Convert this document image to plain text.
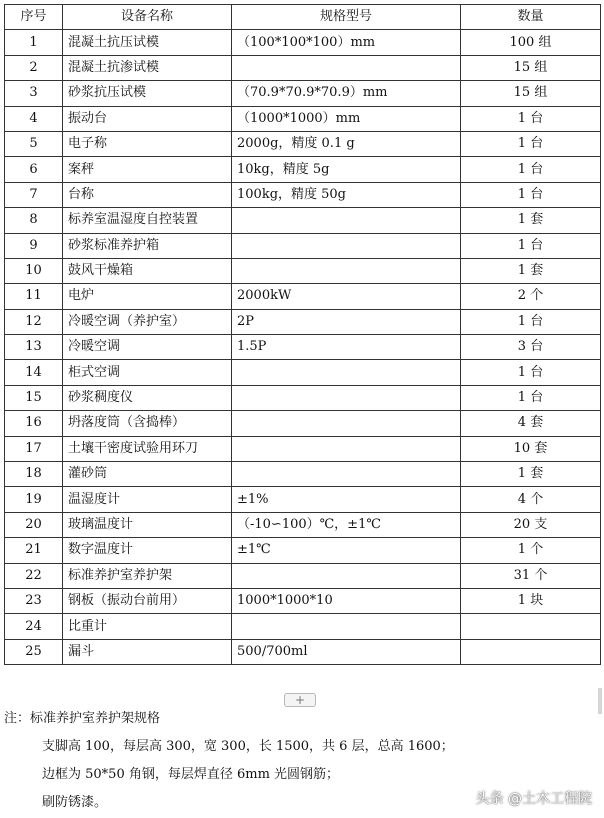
序号	设备名称	规格型号	数量
1	混凝土抗压试模	（100*100*100）mm	100 组
2	混凝土抗渗试模		15 组
3	砂浆抗压试模	（70.9*70.9*70.9）mm	15 组
4	振动台	（1000*1000）mm	1 台
5	电子称	2000g，精度 0.1 g	1 台
6	案秤	10kg，精度 5g	1 台
7	台称	100kg，精度 50g	1 台
8	标养室温湿度自控装置		1 套
9	砂浆标准养护箱		1 台
10	鼓风干燥箱		1 套
11	电炉	2000kW	2 个
12	冷暖空调（养护室）	2P	1 台
13	冷暖空调	1.5P	3 台
14	柜式空调		1 台
15	砂浆稠度仪		1 台
16	坍落度筒（含捣棒）		4 套
17	土壤干密度试验用环刀		10 套
18	灌砂筒		1 套
19	温湿度计	±1%	4 个
20	玻璃温度计	（-10∽100）℃，±1℃	20 支
21	数字温度计	±1℃	1 个
22	标准养护室养护架		31 个
23	钢板（振动台前用）	1000*1000*10	1 块
24	比重计		
25	漏斗	500/700ml	
+
注：标准养护室养护架规格
支脚高 100，每层高 300，宽 300，长 1500，共 6 层，总高 1600；
边框为 50*50 角钢，每层焊直径 6mm 光圆钢筋；
刷防锈漆。	头条 @土木工程院
